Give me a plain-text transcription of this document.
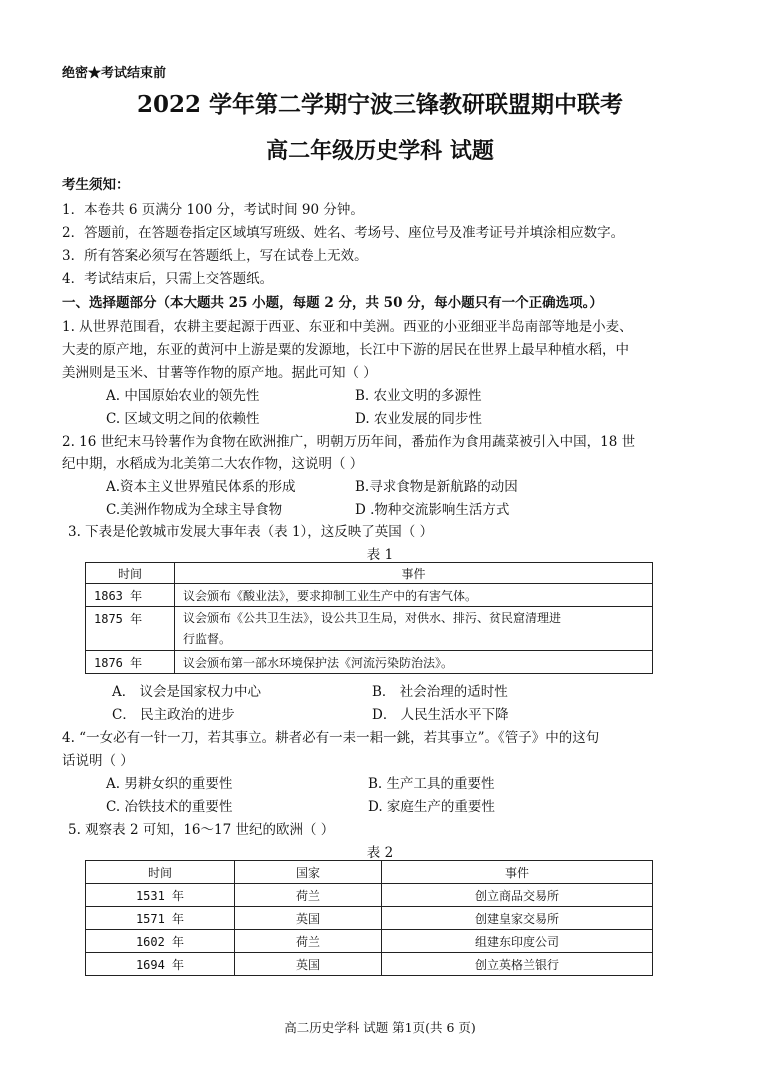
绝密★考试结束前
2022 学年第二学期宁波三锋教研联盟期中联考
高二年级历史学科 试题
考生须知：
1．本卷共 6 页满分 100 分，考试时间 90 分钟。
2．答题前，在答题卷指定区域填写班级、姓名、考场号、座位号及准考证号并填涂相应数字。
3．所有答案必须写在答题纸上，写在试卷上无效。
4．考试结束后，只需上交答题纸。
一、选择题部分（本大题共 25 小题，每题 2 分，共 50 分，每小题只有一个正确选项。）
1. 从世界范围看，农耕主要起源于西亚、东亚和中美洲。西亚的小亚细亚半岛南部等地是小麦、
大麦的原产地，东亚的黄河中上游是粟的发源地，长江中下游的居民在世界上最早种植水稻，中
美洲则是玉米、甘薯等作物的原产地。据此可知（ ）
A. 中国原始农业的领先性	B. 农业文明的多源性
C. 区域文明之间的依赖性	D. 农业发展的同步性
2. 16 世纪末马铃薯作为食物在欧洲推广，明朝万历年间，番茄作为食用蔬菜被引入中国，18 世
纪中期，水稻成为北美第二大农作物，这说明（ ）
A.资本主义世界殖民体系的形成	B.寻求食物是新航路的动因
C.美洲作物成为全球主导食物	D .物种交流影响生活方式
3. 下表是伦敦城市发展大事年表（表 1），这反映了英国（ ）
表 1
时间	事件
1863 年	议会颁布《酸业法》，要求抑制工业生产中的有害气体。
1875 年	议会颁布《公共卫生法》，设公共卫生局，对供水、排污、贫民窟清理进
行监督。

1876 年	议会颁布第一部水环境保护法《河流污染防治法》。
A． 议会是国家权力中心	B． 社会治理的适时性
C． 民主政治的进步	D． 人民生活水平下降
4. “一女必有一针一刀，若其事立。耕者必有一耒一耜一銚，若其事立”。《管子》中的这句
话说明（ ）
A. 男耕女织的重要性	B. 生产工具的重要性
C. 冶铁技术的重要性	D. 家庭生产的重要性
5. 观察表 2 可知，16～17 世纪的欧洲（ ）
表 2
时间	国家	事件
1531 年	荷兰	创立商品交易所
1571 年	英国	创建皇家交易所
1602 年	荷兰	组建东印度公司
1694 年	英国	创立英格兰银行
高二历史学科 试题 第1页(共 6 页)
